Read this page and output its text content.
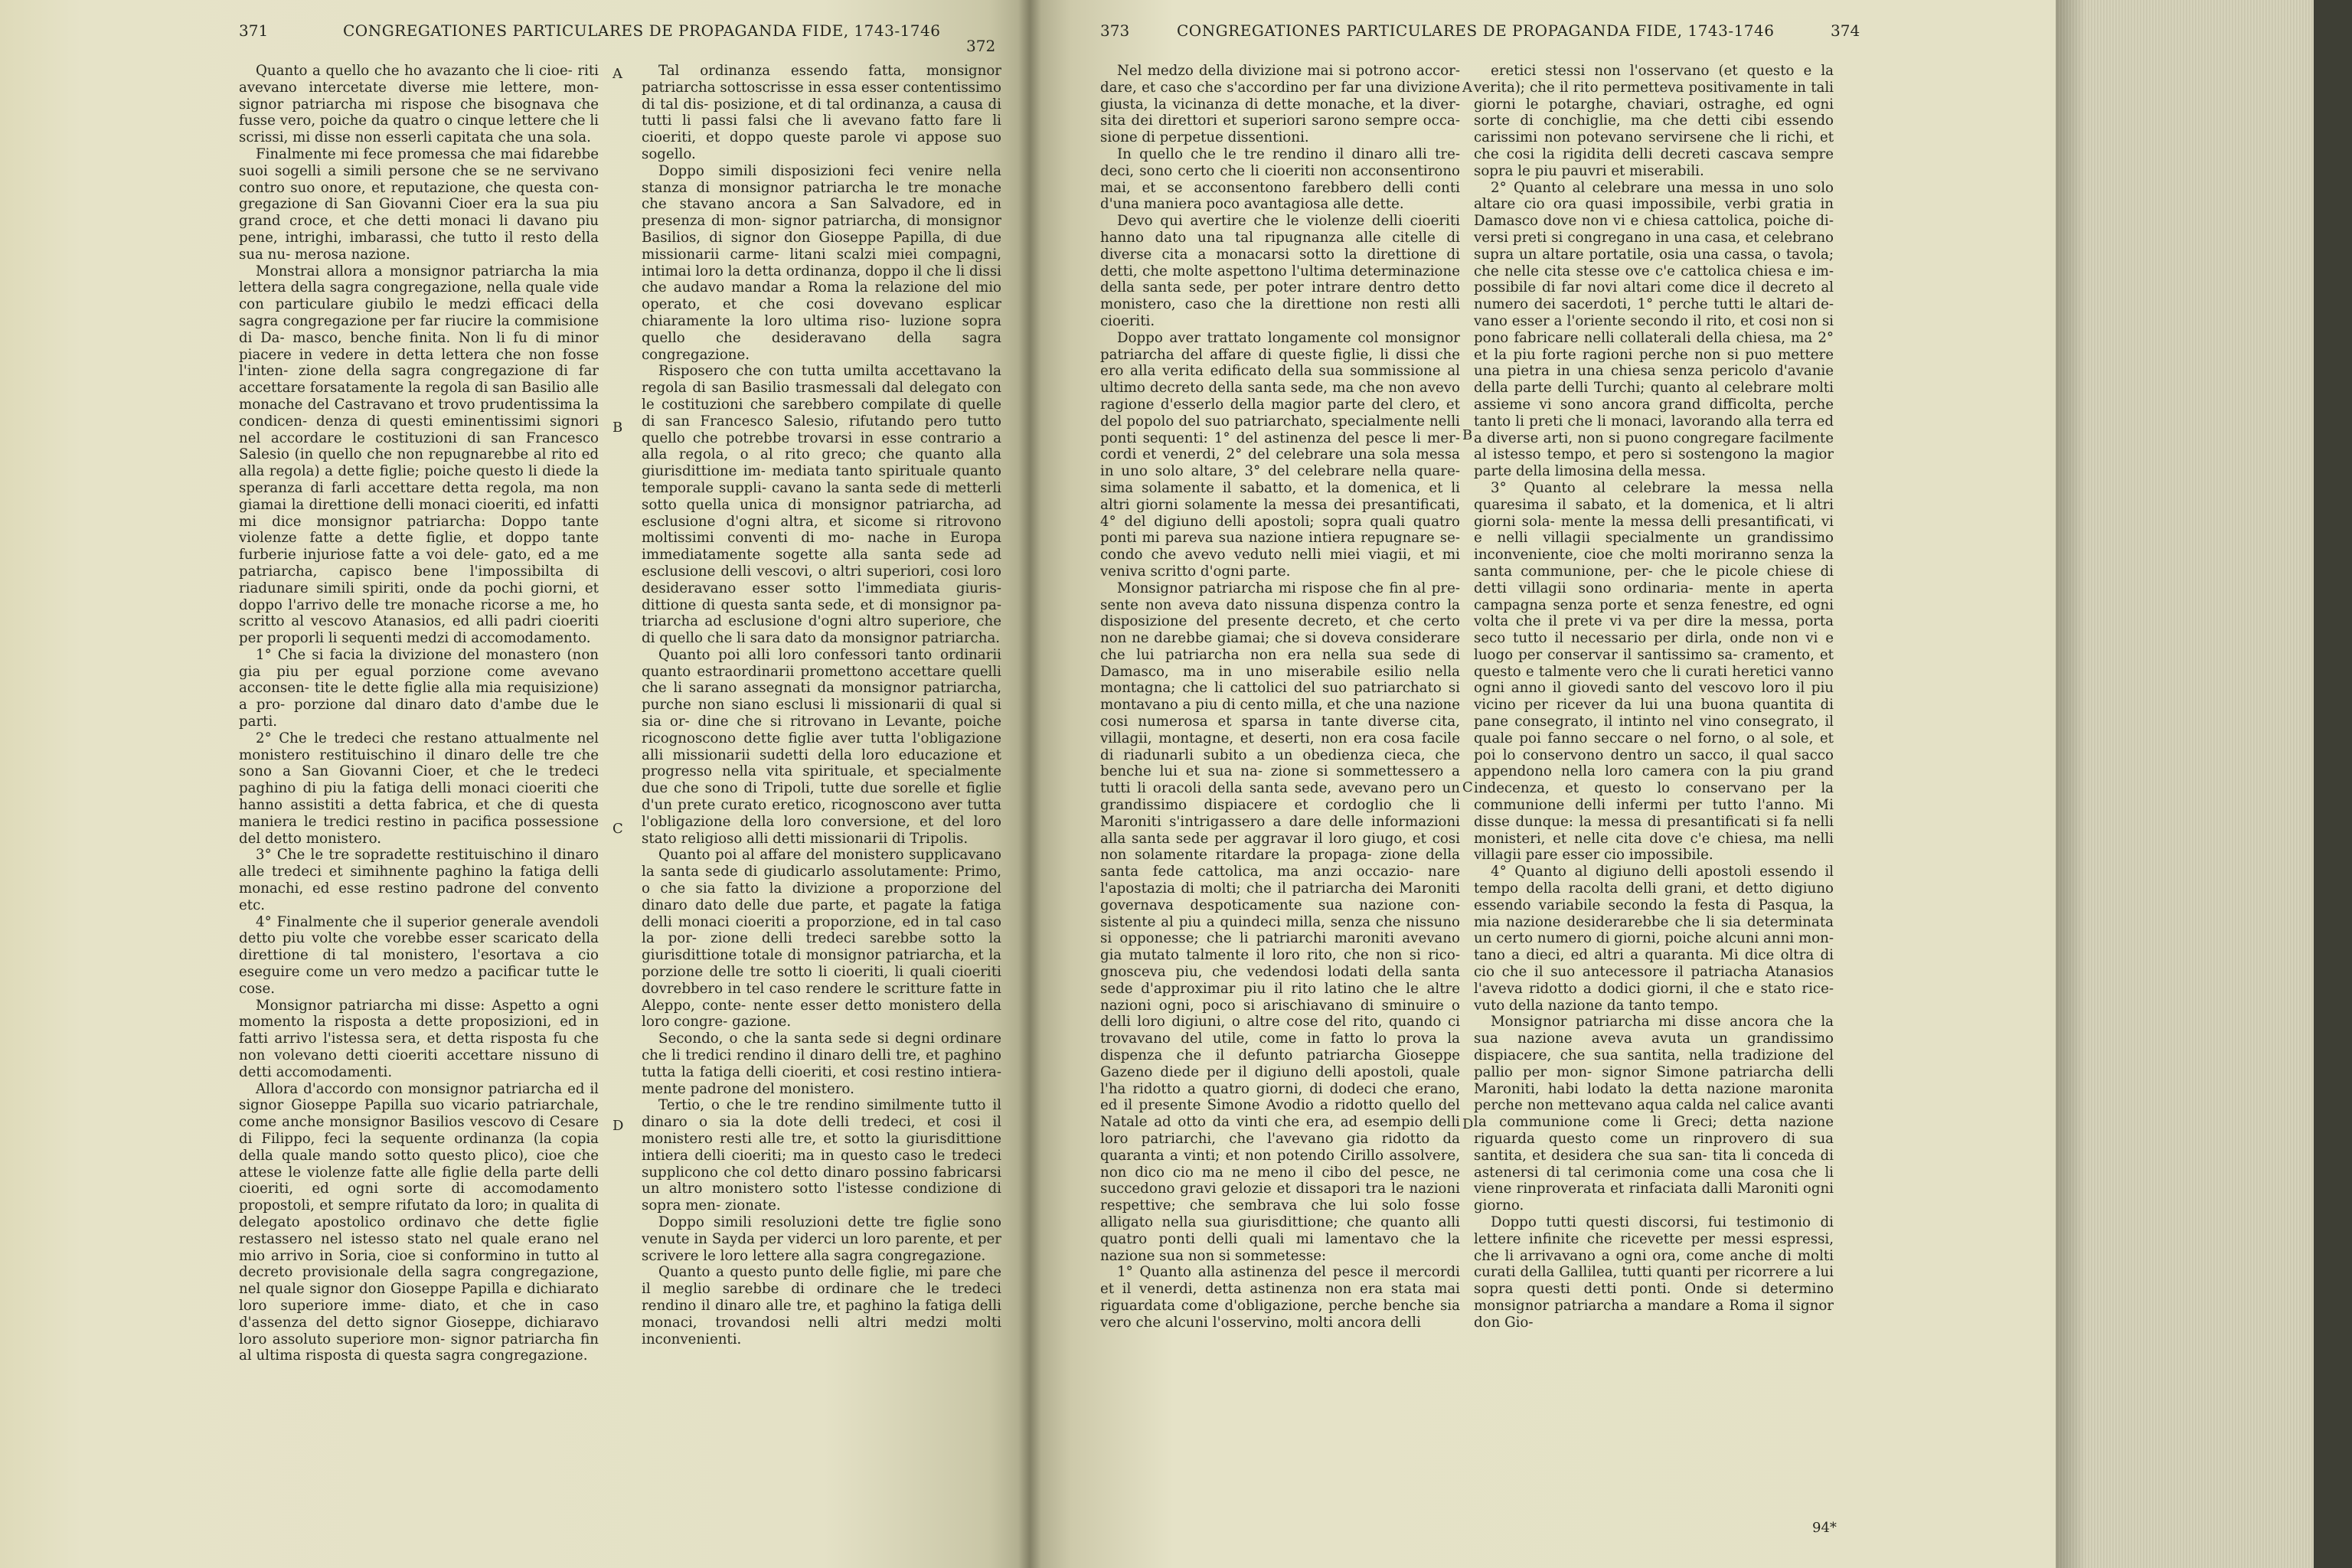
371	CONGREGATIONES PARTICULARES DE PROPAGANDA FIDE, 1743-1746
372

Quanto a quello che ho avazanto che li cioe- riti avevano intercetate diverse mie lettere, mon- signor patriarcha mi rispose che bisognava che fusse vero, poiche da quatro o cinque lettere che li scrissi, mi disse non esserli capitata che una sola.

Finalmente mi fece promessa che mai fidarebbe suoi sogelli a simili persone che se ne servivano contro suo onore, et reputazione, che questa con- gregazione di San Giovanni Cioer era la sua piu grand croce, et che detti monaci li davano piu pene, intrighi, imbarassi, che tutto il resto della sua nu- merosa nazione.

Monstrai allora a monsignor patriarcha la mia lettera della sagra congregazione, nella quale vide con particulare giubilo le medzi efficaci della sagra congregazione per far riucire la commisione di Da- masco, benche finita. Non li fu di minor piacere in vedere in detta lettera che non fosse l'inten- zione della sagra congregazione di far accettare forsatamente la regola di san Basilio alle monache del Castravano et trovo prudentissima la condicen- denza di questi eminentissimi signori nel accordare le costituzioni di san Francesco Salesio (in quello che non repugnarebbe al rito ed alla regola) a dette figlie; poiche questo li diede la speranza di farli accettare detta regola, ma non giamai la direttione delli monaci cioeriti, ed infatti mi dice monsignor patriarcha: Doppo tante violenze fatte a dette figlie, et doppo tante furberie injuriose fatte a voi dele- gato, ed a me patriarcha, capisco bene l'impossibilta di riadunare simili spiriti, onde da pochi giorni, et doppo l'arrivo delle tre monache ricorse a me, ho scritto al vescovo Atanasios, ed alli padri cioeriti per proporli li sequenti medzi di accomodamento.

1° Che si facia la divizione del monastero (non gia piu per egual porzione come avevano acconsen- tite le dette figlie alla mia requisizione) a pro- porzione dal dinaro dato d'ambe due le parti.

2° Che le tredeci che restano attualmente nel monistero restituischino il dinaro delle tre che sono a San Giovanni Cioer, et che le tredeci paghino di piu la fatiga delli monaci cioeriti che hanno assistiti a detta fabrica, et che di questa maniera le tredici restino in pacifica possessione del detto monistero.

3° Che le tre sopradette restituischino il dinaro alle tredeci et simihnente paghino la fatiga delli monachi, ed esse restino padrone del convento etc.

4° Finalmente che il superior generale avendoli detto piu volte che vorebbe esser scaricato della direttione di tal monistero, l'esortava a cio eseguire come un vero medzo a pacificar tutte le cose.

Monsignor patriarcha mi disse: Aspetto a ogni momento la risposta a dette proposizioni, ed in fatti arrivo l'istessa sera, et detta risposta fu che non volevano detti cioeriti accettare nissuno di detti accomodamenti.

Allora d'accordo con monsignor patriarcha ed il signor Gioseppe Papilla suo vicario patriarchale, come anche monsignor Basilios vescovo di Cesare di Filippo, feci la sequente ordinanza (la copia della quale mando sotto questo plico), cioe che attese le violenze fatte alle figlie della parte delli cioeriti, ed ogni sorte di accomodamento propostoli, et sempre rifutato da loro; in qualita di delegato apostolico ordinavo che dette figlie restassero nel istesso stato nel quale erano nel mio arrivo in Soria, cioe si conformino in tutto al decreto provisionale della sagra congregazione, nel quale signor don Gioseppe Papilla e dichiarato loro superiore imme- diato, et che in caso d'assenza del detto signor Gioseppe, dichiaravo loro assoluto superiore mon- signor patriarcha fin al ultima risposta di questa sagra congregazione.

Tal ordinanza essendo fatta, monsignor patriarcha sottoscrisse in essa esser contentissimo di tal dis- posizione, et di tal ordinanza, a causa di tutti li passi falsi che li avevano fatto fare li cioeriti, et doppo queste parole vi appose suo sogello.

Doppo simili disposizioni feci venire nella stanza di monsignor patriarcha le tre monache che stavano ancora a San Salvadore, ed in presenza di mon- signor patriarcha, di monsignor Basilios, di signor don Gioseppe Papilla, di due missionarii carme- litani scalzi miei compagni, intimai loro la detta ordinanza, doppo il che li dissi che audavo mandar a Roma la relazione del mio operato, et che cosi dovevano esplicar chiaramente la loro ultima riso- luzione sopra quello che desideravano della sagra congregazione.

Risposero che con tutta umilta accettavano la regola di san Basilio trasmessali dal delegato con le costituzioni che sarebbero compilate di quelle di san Francesco Salesio, rifutando pero tutto quello che potrebbe trovarsi in esse contrario a alla regola, o al rito greco; che quanto alla giurisdittione im- mediata tanto spirituale quanto temporale suppli- cavano la santa sede di metterli sotto quella unica di monsignor patriarcha, ad esclusione d'ogni altra, et sicome si ritrovono moltissimi conventi di mo- nache in Europa immediatamente sogette alla santa sede ad esclusione delli vescovi, o altri superiori, cosi loro desideravano esser sotto l'immediata giuris- dittione di questa santa sede, et di monsignor pa- triarcha ad esclusione d'ogni altro superiore, che di quello che li sara dato da monsignor patriarcha.

Quanto poi alli loro confessori tanto ordinarii quanto estraordinarii promettono accettare quelli che li sarano assegnati da monsignor patriarcha, purche non siano esclusi li missionarii di qual si sia or- dine che si ritrovano in Levante, poiche ricognoscono dette figlie aver tutta l'obligazione alli missionarii sudetti della loro educazione et progresso nella vita spirituale, et specialmente due che sono di Tripoli, tutte due sorelle et figlie d'un prete curato eretico, ricognoscono aver tutta l'obligazione della loro conversione, et del loro stato religioso alli detti missionarii di Tripolis.

Quanto poi al affare del monistero supplicavano la santa sede di giudicarlo assolutamente: Primo, o che sia fatto la divizione a proporzione del dinaro dato delle due parte, et pagate la fatiga delli monaci cioeriti a proporzione, ed in tal caso la por- zione delli tredeci sarebbe sotto la giurisdittione totale di monsignor patriarcha, et la porzione delle tre sotto li cioeriti, li quali cioeriti dovrebbero in tel caso rendere le scritture fatte in Aleppo, conte- nente esser detto monistero della loro congre- gazione.

Secondo, o che la santa sede si degni ordinare che li tredici rendino il dinaro delli tre, et paghino tutta la fatiga delli cioeriti, et cosi restino intiera- mente padrone del monistero.

Tertio, o che le tre rendino similmente tutto il dinaro o sia la dote delli tredeci, et cosi il monistero resti alle tre, et sotto la giurisdittione intiera delli cioeriti; ma in questo caso le tredeci supplicono che col detto dinaro possino fabricarsi un altro monistero sotto l'istesse condizione di sopra men- zionate.

Doppo simili resoluzioni dette tre figlie sono venute in Sayda per viderci un loro parente, et per scrivere le loro lettere alla sagra congregazione.

Quanto a questo punto delle figlie, mi pare che il meglio sarebbe di ordinare che le tredeci rendino il dinaro alle tre, et paghino la fatiga delli monaci, trovandosi nelli altri medzi molti inconvenienti.

A
B
C
D
373	CONGREGATIONES PARTICULARES DE PROPAGANDA FIDE, 1743-1746	374

Nel medzo della divizione mai si potrono accor- dare, et caso che s'accordino per far una divizione giusta, la vicinanza di dette monache, et la diver- sita dei direttori et superiori sarono sempre occa- sione di perpetue dissentioni.

In quello che le tre rendino il dinaro alli tre- deci, sono certo che li cioeriti non acconsentirono mai, et se acconsentono farebbero delli conti d'una maniera poco avantagiosa alle dette.

Devo qui avertire che le violenze delli cioeriti hanno dato una tal ripugnanza alle citelle di diverse cita a monacarsi sotto la direttione di detti, che molte aspettono l'ultima determinazione della santa sede, per poter intrare dentro detto monistero, caso che la direttione non resti alli cioeriti.

Doppo aver trattato longamente col monsignor patriarcha del affare di queste figlie, li dissi che ero alla verita edificato della sua sommissione al ultimo decreto della santa sede, ma che non avevo ragione d'esserlo della magior parte del clero, et del popolo del suo patriarchato, specialmente nelli ponti sequenti: 1° del astinenza del pesce li mer- cordi et venerdi, 2° del celebrare una sola messa in uno solo altare, 3° del celebrare nella quare- sima solamente il sabatto, et la domenica, et li altri giorni solamente la messa dei presantificati, 4° del digiuno delli apostoli; sopra quali quatro ponti mi pareva sua nazione intiera repugnare se- condo che avevo veduto nelli miei viagii, et mi veniva scritto d'ogni parte.

Monsignor patriarcha mi rispose che fin al pre- sente non aveva dato nissuna dispenza contro la disposizione del presente decreto, et che certo non ne darebbe giamai; che si doveva considerare che lui patriarcha non era nella sua sede di Damasco, ma in uno miserabile esilio nella montagna; che li cattolici del suo patriarchato si montavano a piu di cento milla, et che una nazione cosi numerosa et sparsa in tante diverse cita, villagii, montagne, et deserti, non era cosa facile di riadunarli subito a un obedienza cieca, che benche lui et sua na- zione si sommettessero a tutti li oracoli della santa sede, avevano pero un grandissimo dispiacere et cordoglio che li Maroniti s'intrigassero a dare delle informazioni alla santa sede per aggravar il loro giugo, et cosi non solamente ritardare la propaga- zione della santa fede cattolica, ma anzi occazio- nare l'apostazia di molti; che il patriarcha dei Maroniti governava despoticamente sua nazione con- sistente al piu a quindeci milla, senza che nissuno si opponesse; che li patriarchi maroniti avevano gia mutato talmente il loro rito, che non si rico- gnosceva piu, che vedendosi lodati della santa sede d'approximar piu il rito latino che le altre nazioni ogni, poco si arischiavano di sminuire o delli loro digiuni, o altre cose del rito, quando ci trovavano del utile, come in fatto lo prova la dispenza che il defunto patriarcha Gioseppe Gazeno diede per il digiuno delli apostoli, quale l'ha ridotto a quatro giorni, di dodeci che erano, ed il presente Simone Avodio a ridotto quello del Natale ad otto da vinti che era, ad esempio delli loro patriarchi, che l'avevano gia ridotto da quaranta a vinti; et non potendo Cirillo assolvere, non dico cio ma ne meno il cibo del pesce, ne succedono gravi gelozie et dissapori tra le nazioni respettive; che sembrava che lui solo fosse alligato nella sua giurisdittione; che quanto alli quatro ponti delli quali mi lamentavo che la nazione sua non si sommetesse:

1° Quanto alla astinenza del pesce il mercordi et il venerdi, detta astinenza non era stata mai riguardata come d'obligazione, perche benche sia vero che alcuni l'osservino, molti ancora delli

eretici stessi non l'osservano (et questo e la verita); che il rito permetteva positivamente in tali giorni le potarghe, chaviari, ostraghe, ed ogni sorte di conchiglie, ma che detti cibi essendo carissimi non potevano servirsene che li richi, et che cosi la rigidita delli decreti cascava sempre sopra le piu pauvri et miserabili.

2° Quanto al celebrare una messa in uno solo altare cio ora quasi impossibile, verbi gratia in Damasco dove non vi e chiesa cattolica, poiche di- versi preti si congregano in una casa, et celebrano supra un altare portatile, osia una cassa, o tavola; che nelle cita stesse ove c'e cattolica chiesa e im- possibile di far novi altari come dice il decreto al numero dei sacerdoti, 1° perche tutti le altari de- vano esser a l'oriente secondo il rito, et cosi non si pono fabricare nelli collaterali della chiesa, ma 2° et la piu forte ragioni perche non si puo mettere una pietra in una chiesa senza pericolo d'avanie della parte delli Turchi; quanto al celebrare molti assieme vi sono ancora grand difficolta, perche tanto li preti che li monaci, lavorando alla terra ed a diverse arti, non si puono congregare facilmente al istesso tempo, et pero si sostengono la magior parte della limosina della messa.

3° Quanto al celebrare la messa nella quaresima il sabato, et la domenica, et li altri giorni sola- mente la messa delli presantificati, vi e nelli villagii specialmente un grandissimo inconveniente, cioe che molti moriranno senza la santa communione, per- che le picole chiese di detti villagii sono ordinaria- mente in aperta campagna senza porte et senza fenestre, ed ogni volta che il prete vi va per dire la messa, porta seco tutto il necessario per dirla, onde non vi e luogo per conservar il santissimo sa- cramento, et questo e talmente vero che li curati heretici vanno ogni anno il giovedi santo del vescovo loro il piu vicino per ricever da lui una buona quantita di pane consegrato, il intinto nel vino consegrato, il quale poi fanno seccare o nel forno, o al sole, et poi lo conservono dentro un sacco, il qual sacco appendono nella loro camera con la piu grand indecenza, et questo lo conservano per la communione delli infermi per tutto l'anno. Mi disse dunque: la messa di presantificati si fa nelli monisteri, et nelle cita dove c'e chiesa, ma nelli villagii pare esser cio impossibile.

4° Quanto al digiuno delli apostoli essendo il tempo della racolta delli grani, et detto digiuno essendo variabile secondo la festa di Pasqua, la mia nazione desiderarebbe che li sia determinata un certo numero di giorni, poiche alcuni anni mon- tano a dieci, ed altri a quaranta. Mi dice oltra di cio che il suo antecessore il patriacha Atanasios l'aveva ridotto a dodici giorni, il che e stato rice- vuto della nazione da tanto tempo.

Monsignor patriarcha mi disse ancora che la sua nazione aveva avuta un grandissimo dispiacere, che sua santita, nella tradizione del pallio per mon- signor Simone patriarcha delli Maroniti, habi lodato la detta nazione maronita perche non mettevano aqua calda nel calice avanti la communione come li Greci; detta nazione riguarda questo come un rinprovero di sua santita, et desidera che sua san- tita li conceda di astenersi di tal cerimonia come una cosa che li viene rinproverata et rinfaciata dalli Maroniti ogni giorno.

Doppo tutti questi discorsi, fui testimonio di lettere infinite che ricevette per messi espressi, che li arrivavano a ogni ora, come anche di molti curati della Gallilea, tutti quanti per ricorrere a lui sopra questi detti ponti. Onde si determino monsignor patriarcha a mandare a Roma il signor don Gio-

A
B
C
D
94*
